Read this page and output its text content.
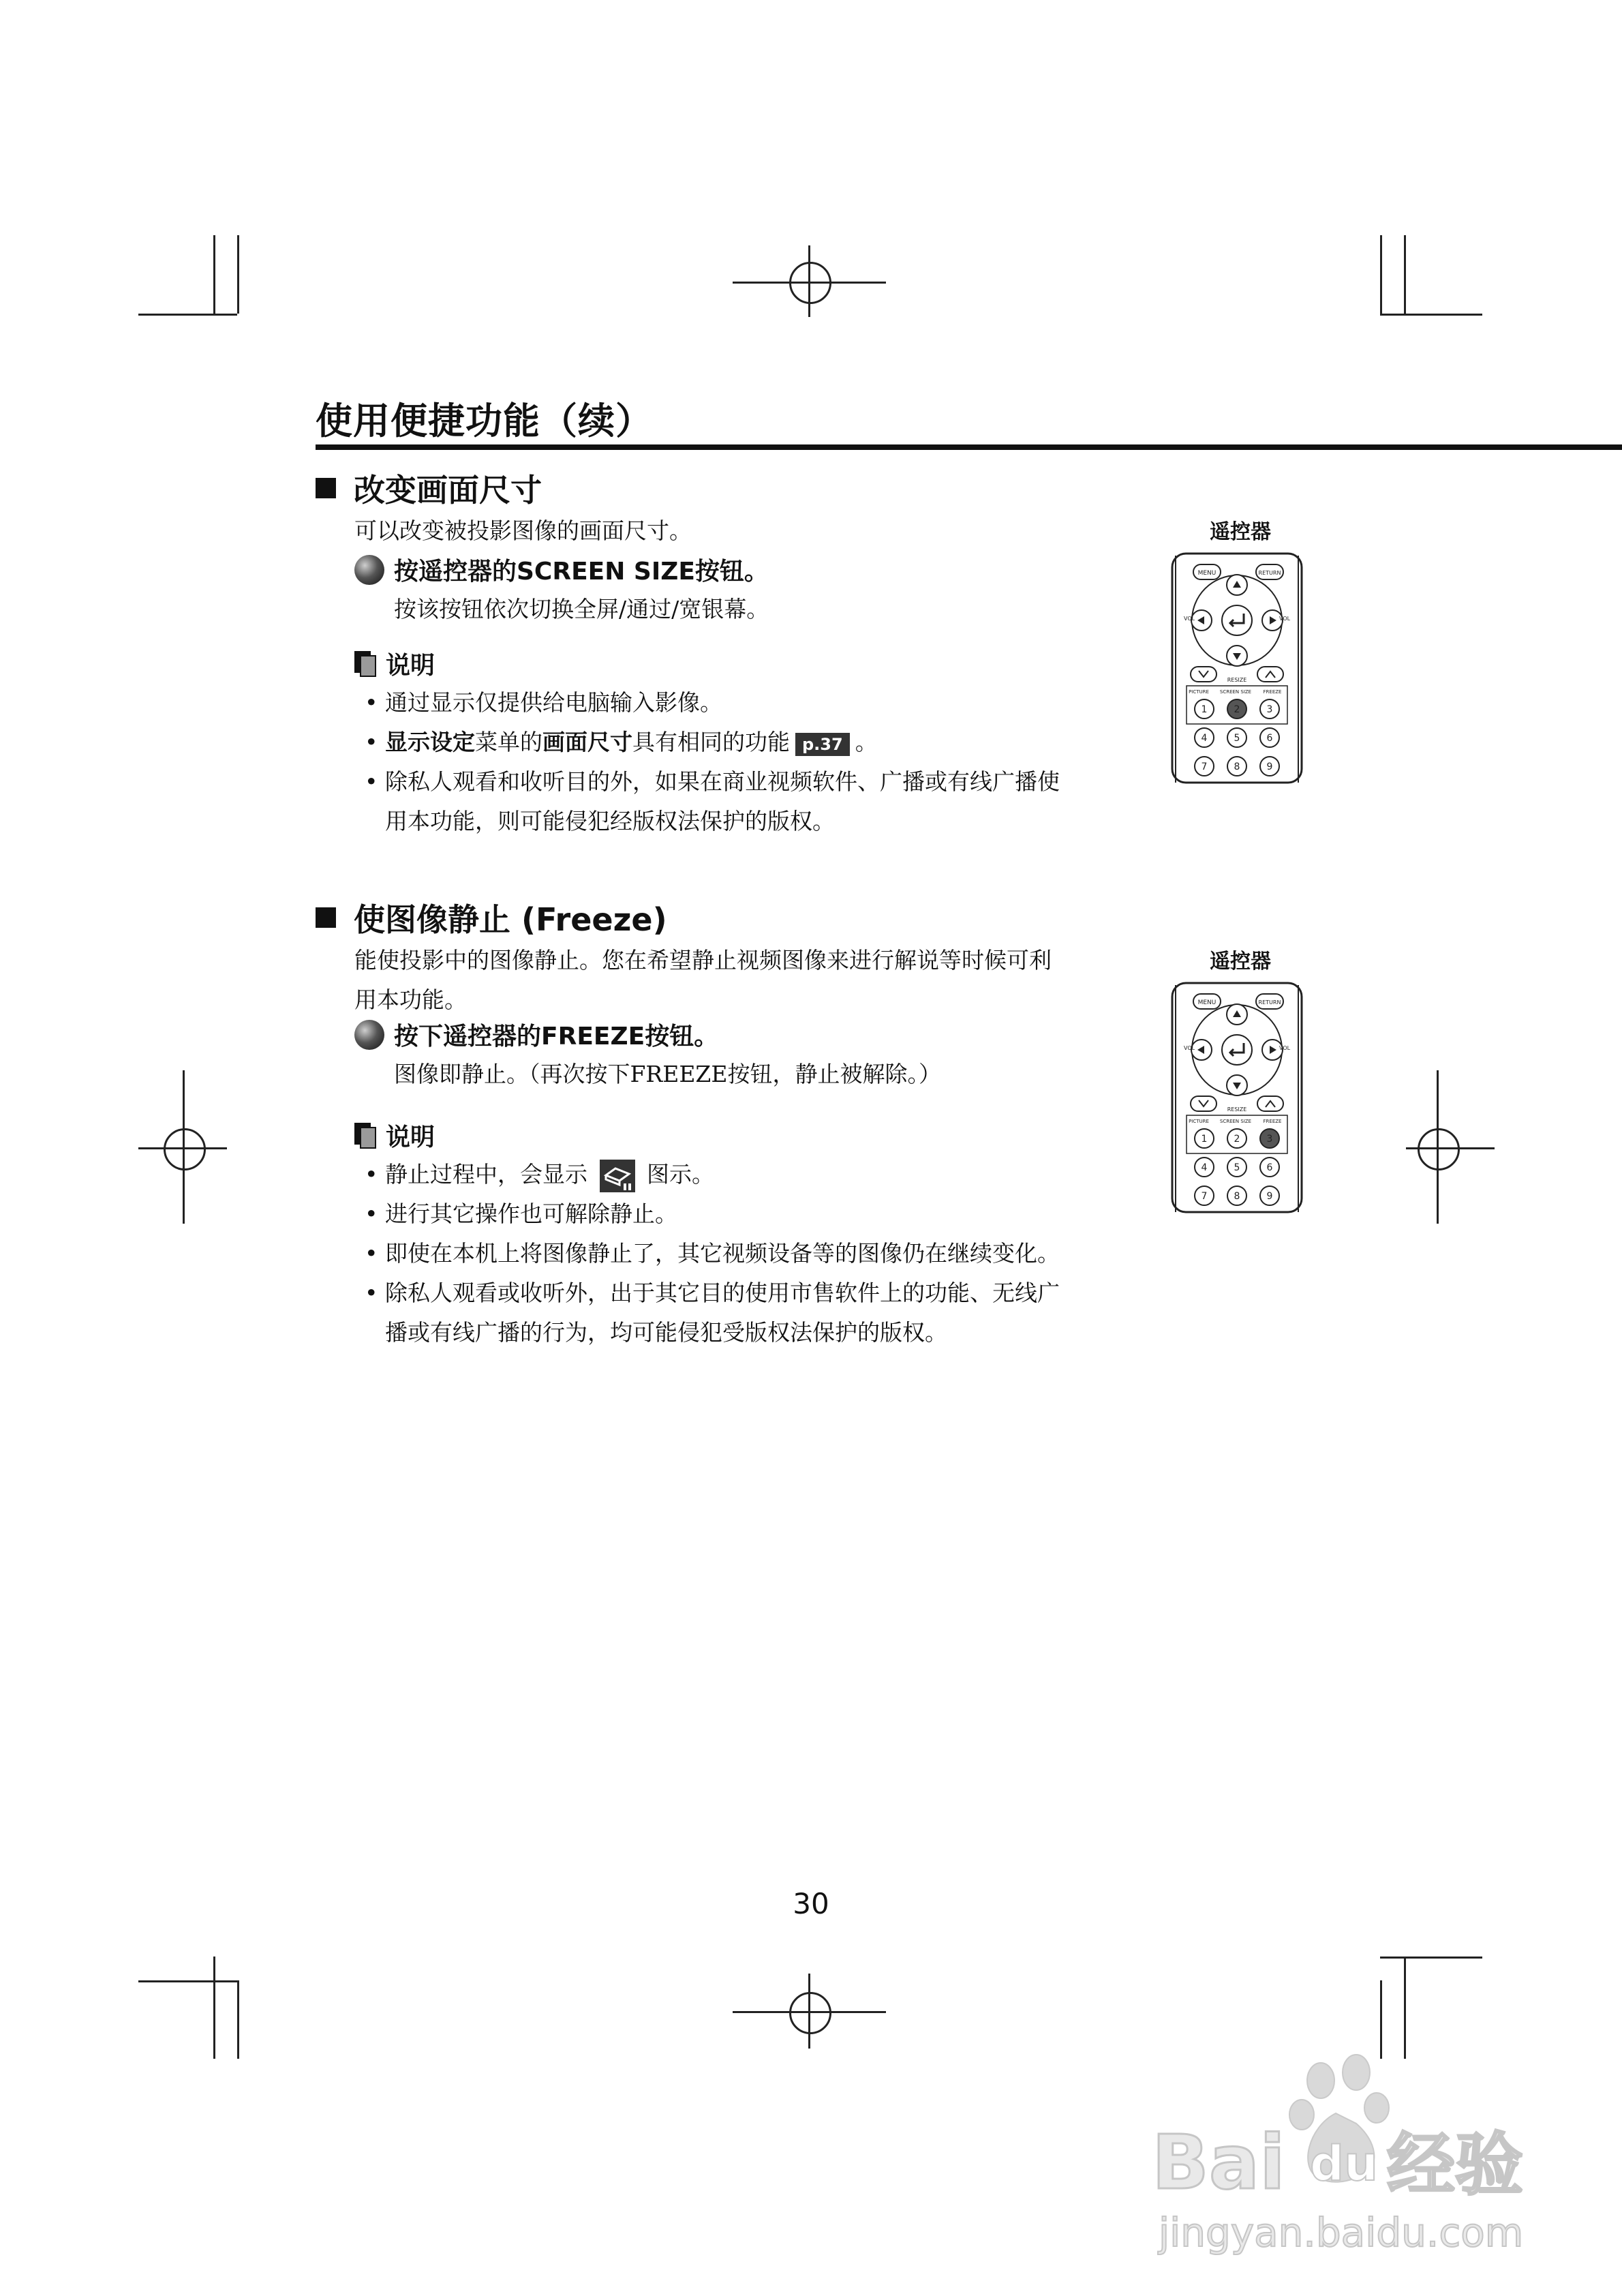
使用便捷功能（续）
改变画面尺寸
可以改变被投影图像的画面尺寸。
按遥控器的SCREEN SIZE按钮。
按该按钮依次切换全屏/通过/宽银幕。
说明
• 通过显示仅提供给电脑输入影像。
• 显示设定菜单的画面尺寸具有相同的功能 p.37 。
• 除私人观看和收听目的外，如果在商业视频软件、广播或有线广播使
用本功能，则可能侵犯经版权法保护的版权。
遥控器
MENU	RETURN
VOL	VOL
RESIZE
PICTURE SCREEN SIZE FREEZE
1	2	3
4	5	6
7	8	9
使图像静止 (Freeze)
能使投影中的图像静止。您在希望静止视频图像来进行解说等时候可利
用本功能。
按下遥控器的FREEZE按钮。
图像即静止。（再次按下FREEZE按钮，静止被解除。）
说明
• 静止过程中，会显示	图示。
• 进行其它操作也可解除静止。
• 即使在本机上将图像静止了，其它视频设备等的图像仍在继续变化。
• 除私人观看或收听外，出于其它目的使用市售软件上的功能、无线广
播或有线广播的行为，均可能侵犯受版权法保护的版权。
遥控器
MENU	RETURN
VOL	VOL
RESIZE
PICTURE SCREEN SIZE FREEZE
1	2	3
4	5	6
7	8	9
30
Bai du 经验
jingyan.baidu.com
